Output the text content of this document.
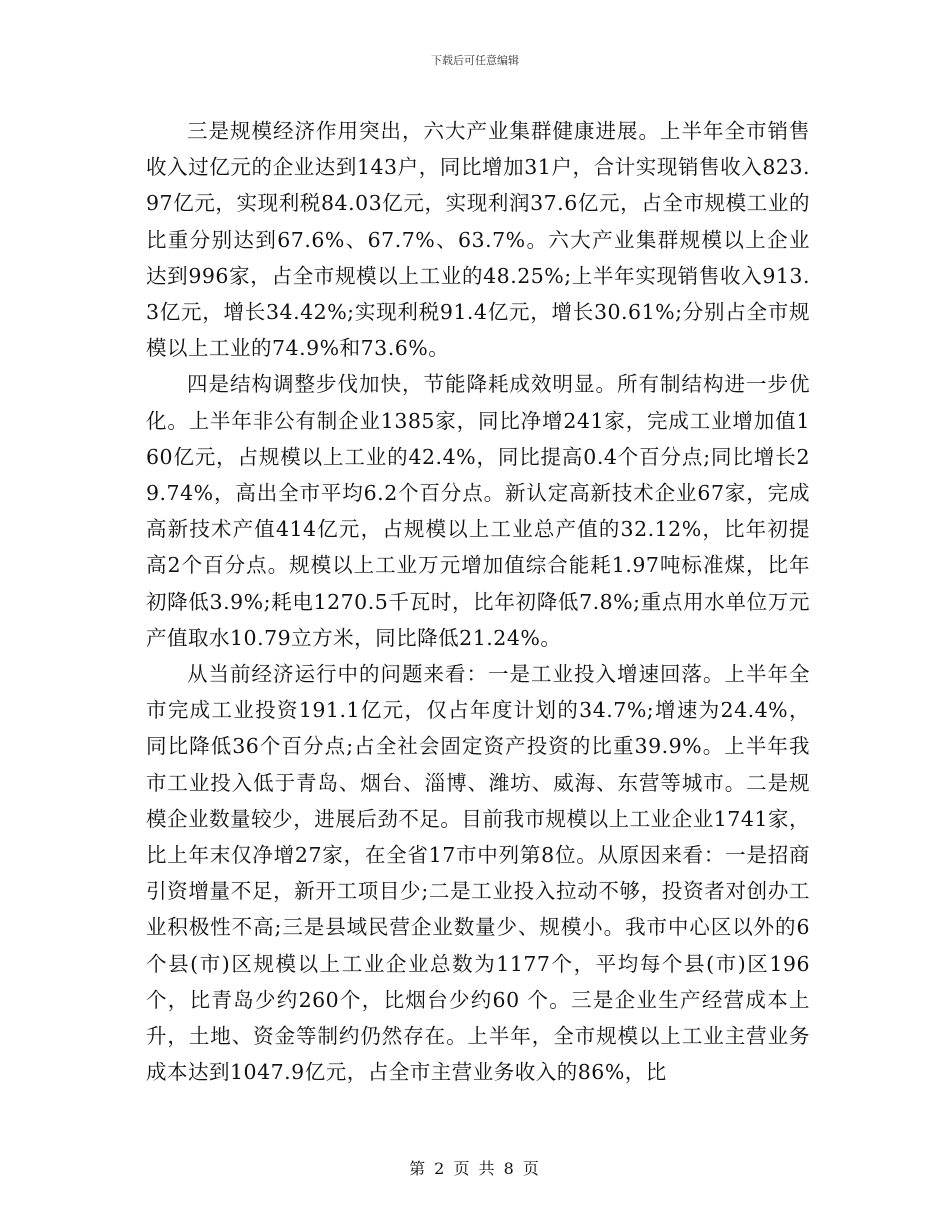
下载后可任意编辑

三是规模经济作用突出，六大产业集群健康进展。上半年全市销售收入过亿元的企业达到143户，同比增加31户，合计实现销售收入823.97亿元，实现利税84.03亿元，实现利润37.6亿元，占全市规模工业的比重分别达到67.6%、67.7%、63.7%。六大产业集群规模以上企业达到996家，占全市规模以上工业的48.25%;上半年实现销售收入913.3亿元，增长34.42%;实现利税91.4亿元，增长30.61%;分别占全市规模以上工业的74.9%和73.6%。

四是结构调整步伐加快，节能降耗成效明显。所有制结构进一步优化。上半年非公有制企业1385家，同比净增241家，完成工业增加值160亿元，占规模以上工业的42.4%，同比提高0.4个百分点;同比增长29.74%，高出全市平均6.2个百分点。新认定高新技术企业67家，完成高新技术产值414亿元，占规模以上工业总产值的32.12%，比年初提高2个百分点。规模以上工业万元增加值综合能耗1.97吨标准煤，比年初降低3.9%;耗电1270.5千瓦时，比年初降低7.8%;重点用水单位万元产值取水10.79立方米，同比降低21.24%。

从当前经济运行中的问题来看：一是工业投入增速回落。上半年全市完成工业投资191.1亿元，仅占年度计划的34.7%;增速为24.4%，同比降低36个百分点;占全社会固定资产投资的比重39.9%。上半年我市工业投入低于青岛、烟台、淄博、潍坊、威海、东营等城市。二是规模企业数量较少，进展后劲不足。目前我市规模以上工业企业1741家，比上年末仅净增27家，在全省17市中列第8位。从原因来看：一是招商引资增量不足，新开工项目少;二是工业投入拉动不够，投资者对创办工业积极性不高;三是县域民营企业数量少、规模小。我市中心区以外的6个县(市)区规模以上工业企业总数为1177个，平均每个县(市)区196个，比青岛少约260个，比烟台少约60 个。三是企业生产经营成本上升，土地、资金等制约仍然存在。上半年，全市规模以上工业主营业务成本达到1047.9亿元，占全市主营业务收入的86%，比

第 2 页 共 8 页
